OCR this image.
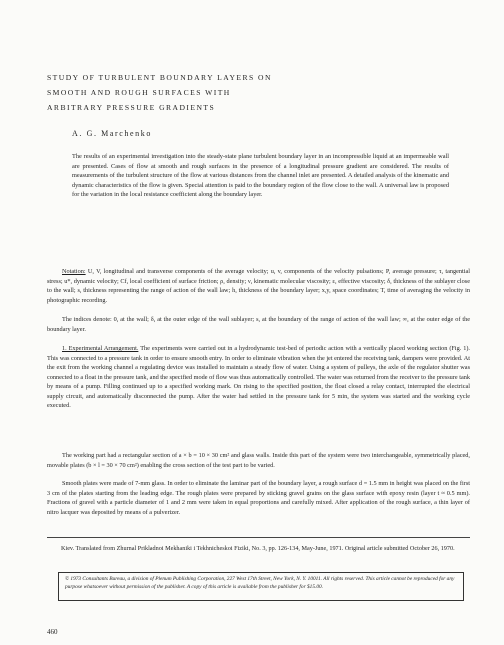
STUDY OF TURBULENT BOUNDARY LAYERS ON
SMOOTH AND ROUGH SURFACES WITH
ARBITRARY PRESSURE GRADIENTS
A. G. Marchenko
The results of an experimental investigation into the steady-state plane turbulent boundary layer in an incompressible liquid at an impermeable wall are presented. Cases of flow at smooth and rough surfaces in the presence of a longitudinal pressure gradient are considered. The results of measurements of the turbulent structure of the flow at various distances from the channel inlet are presented. A detailed analysis of the kinematic and dynamic characteristics of the flow is given. Special attention is paid to the boundary region of the flow close to the wall. A universal law is proposed for the variation in the local resistance coefficient along the boundary layer.
Notation: U, V, longitudinal and transverse components of the average velocity; u, v, components of the velocity pulsations; P, average pressure; τ, tangential stress; u*, dynamic velocity; Cf, local coefficient of surface friction; ρ, density; ν, kinematic molecular viscosity; ε, effective viscosity; δ, thickness of the sublayer close to the wall; s, thickness representing the range of action of the wall law; h, thickness of the boundary layer; x,y, space coordinates; T, time of averaging the velocity in photographic recording.
The indices denote: 0, at the wall; δ, at the outer edge of the wall sublayer; s, at the boundary of the range of action of the wall law; ∞, at the outer edge of the boundary layer.
1. Experimental Arrangement. The experiments were carried out in a hydrodynamic test-bed of periodic action with a vertically placed working section (Fig. 1). This was connected to a pressure tank in order to ensure smooth entry. In order to eliminate vibration when the jet entered the receiving tank, dampers were provided. At the exit from the working channel a regulating device was installed to maintain a steady flow of water. Using a system of pulleys, the axle of the regulator shutter was connected to a float in the pressure tank, and the specified mode of flow was thus automatically controlled. The water was returned from the receiver to the pressure tank by means of a pump. Filling continued up to a specified working mark. On rising to the specified position, the float closed a relay contact, interrupted the electrical supply circuit, and automatically disconnected the pump. After the water had settled in the pressure tank for 5 min, the system was started and the working cycle executed.
The working part had a rectangular section of a × b = 10 × 30 cm² and glass walls. Inside this part of the system were two interchangeable, symmetrically placed, movable plates (b × l = 30 × 70 cm²) enabling the cross section of the test part to be varied.
Smooth plates were made of 7-mm glass. In order to eliminate the laminar part of the boundary layer, a rough surface d = 1.5 mm in height was placed on the first 3 cm of the plates starting from the leading edge. The rough plates were prepared by sticking gravel grains on the glass surface with epoxy resin (layer t ≈ 0.5 mm). Fractions of gravel with a particle diameter of 1 and 2 mm were taken in equal proportions and carefully mixed. After application of the rough surface, a thin layer of nitro lacquer was deposited by means of a pulverizer.
Kiev. Translated from Zhurnal Prikladnoi Mekhaniki i Tekhnicheskoi Fiziki, No. 3, pp. 126-134, May-June, 1971. Original article submitted October 26, 1970.
© 1973 Consultants Bureau, a division of Plenum Publishing Corporation, 227 West 17th Street, New York, N. Y. 10011. All rights reserved. This article cannot be reproduced for any purpose whatsoever without permission of the publisher. A copy of this article is available from the publisher for $15.00.
460
